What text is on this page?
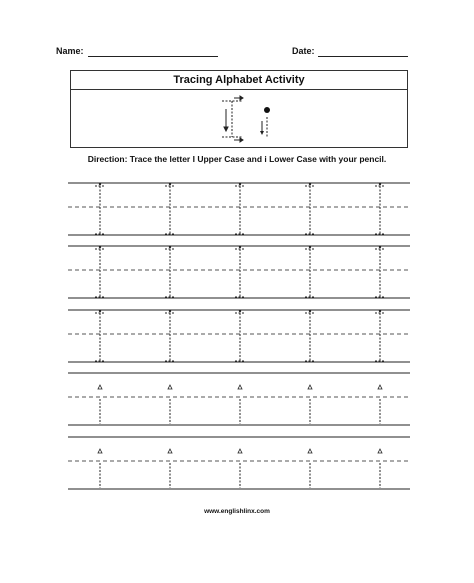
Name:	Date:
Tracing Alphabet Activity
Direction: Trace the letter I Upper Case and i Lower Case with your pencil.
www.englishlinx.com
